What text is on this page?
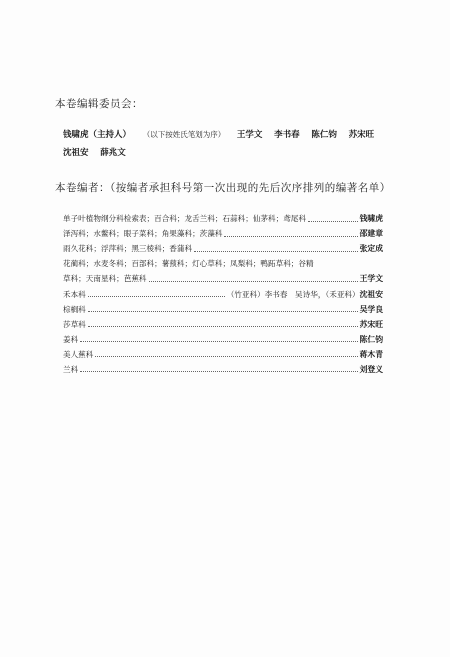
本卷编辑委员会：
钱啸虎（主持人） （以下按姓氏笔划为序） 王学文 李书春 陈仁钧 苏宋旺
沈祖安 薛兆文
本卷编者：（按编者承担科号第一次出现的先后次序排列的编著名单）
单子叶植物纲分科检索表；百合科；龙舌兰科；石蒜科；仙茅科；鸢尾科	钱啸虎
泽泻科；水鳖科；眼子菜科；角果藻科；茨藻科	邵建章
雨久花科；浮萍科；黑三棱科；香蒲科	张定成
花蔺科；水麦冬科；百部科；薯蓣科；灯心草科；凤梨科；鸭跖草科；谷精
草科；天南星科；芭蕉科	王学文
禾本科	（竹亚科）李书春　吴诗华，（禾亚科） 沈祖安
棕榈科	吴学良
莎草科	苏宋旺
姜科	陈仁钧
美人蕉科	蒋木青
兰科	刘登义
